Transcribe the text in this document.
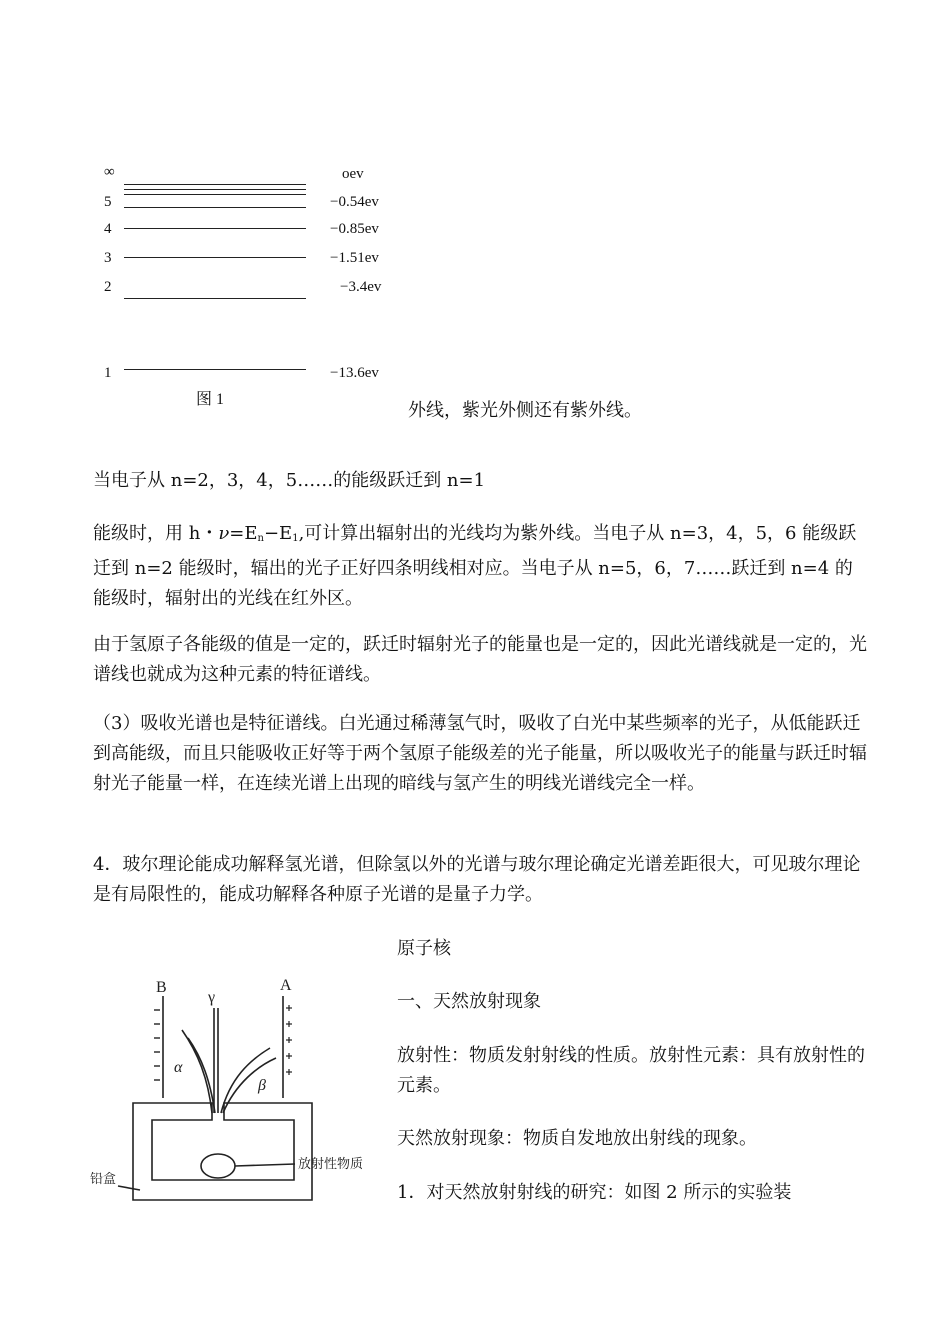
∞	oev
5	−0.54ev
4	−0.85ev
3	−1.51ev
2	−3.4ev
1	−13.6ev
图 1
外线，紫光外侧还有紫外线。
当电子从 n=2，3，4，5……的能级跃迁到 n=1
能级时，用 h・$\nu=E_n-E_1$,可计算出辐射出的光线均为紫外线。当电子从 n=3，4，5，6 能级跃迁到 n=2 能级时，辐出的光子正好四条明线相对应。当电子从 n=5，6，7……跃迁到 n=4 的能级时，辐射出的光线在红外区。
由于氢原子各能级的值是一定的，跃迁时辐射光子的能量也是一定的，因此光谱线就是一定的，光谱线也就成为这种元素的特征谱线。
（3）吸收光谱也是特征谱线。白光通过稀薄氢气时，吸收了白光中某些频率的光子，从低能跃迁到高能级，而且只能吸收正好等于两个氢原子能级差的光子能量，所以吸收光子的能量与跃迁时辐射光子能量一样，在连续光谱上出现的暗线与氢产生的明线光谱线完全一样。
4．玻尔理论能成功解释氢光谱，但除氢以外的光谱与玻尔理论确定光谱差距很大，可见玻尔理论是有局限性的，能成功解释各种原子光谱的是量子力学。
B
γ
A
α
β
铅盒
放射性物质
原子核
一、天然放射现象
放射性：物质发射射线的性质。放射性元素：具有放射性的元素。
天然放射现象：物质自发地放出射线的现象。
1．对天然放射射线的研究：如图 2 所示的实验装
